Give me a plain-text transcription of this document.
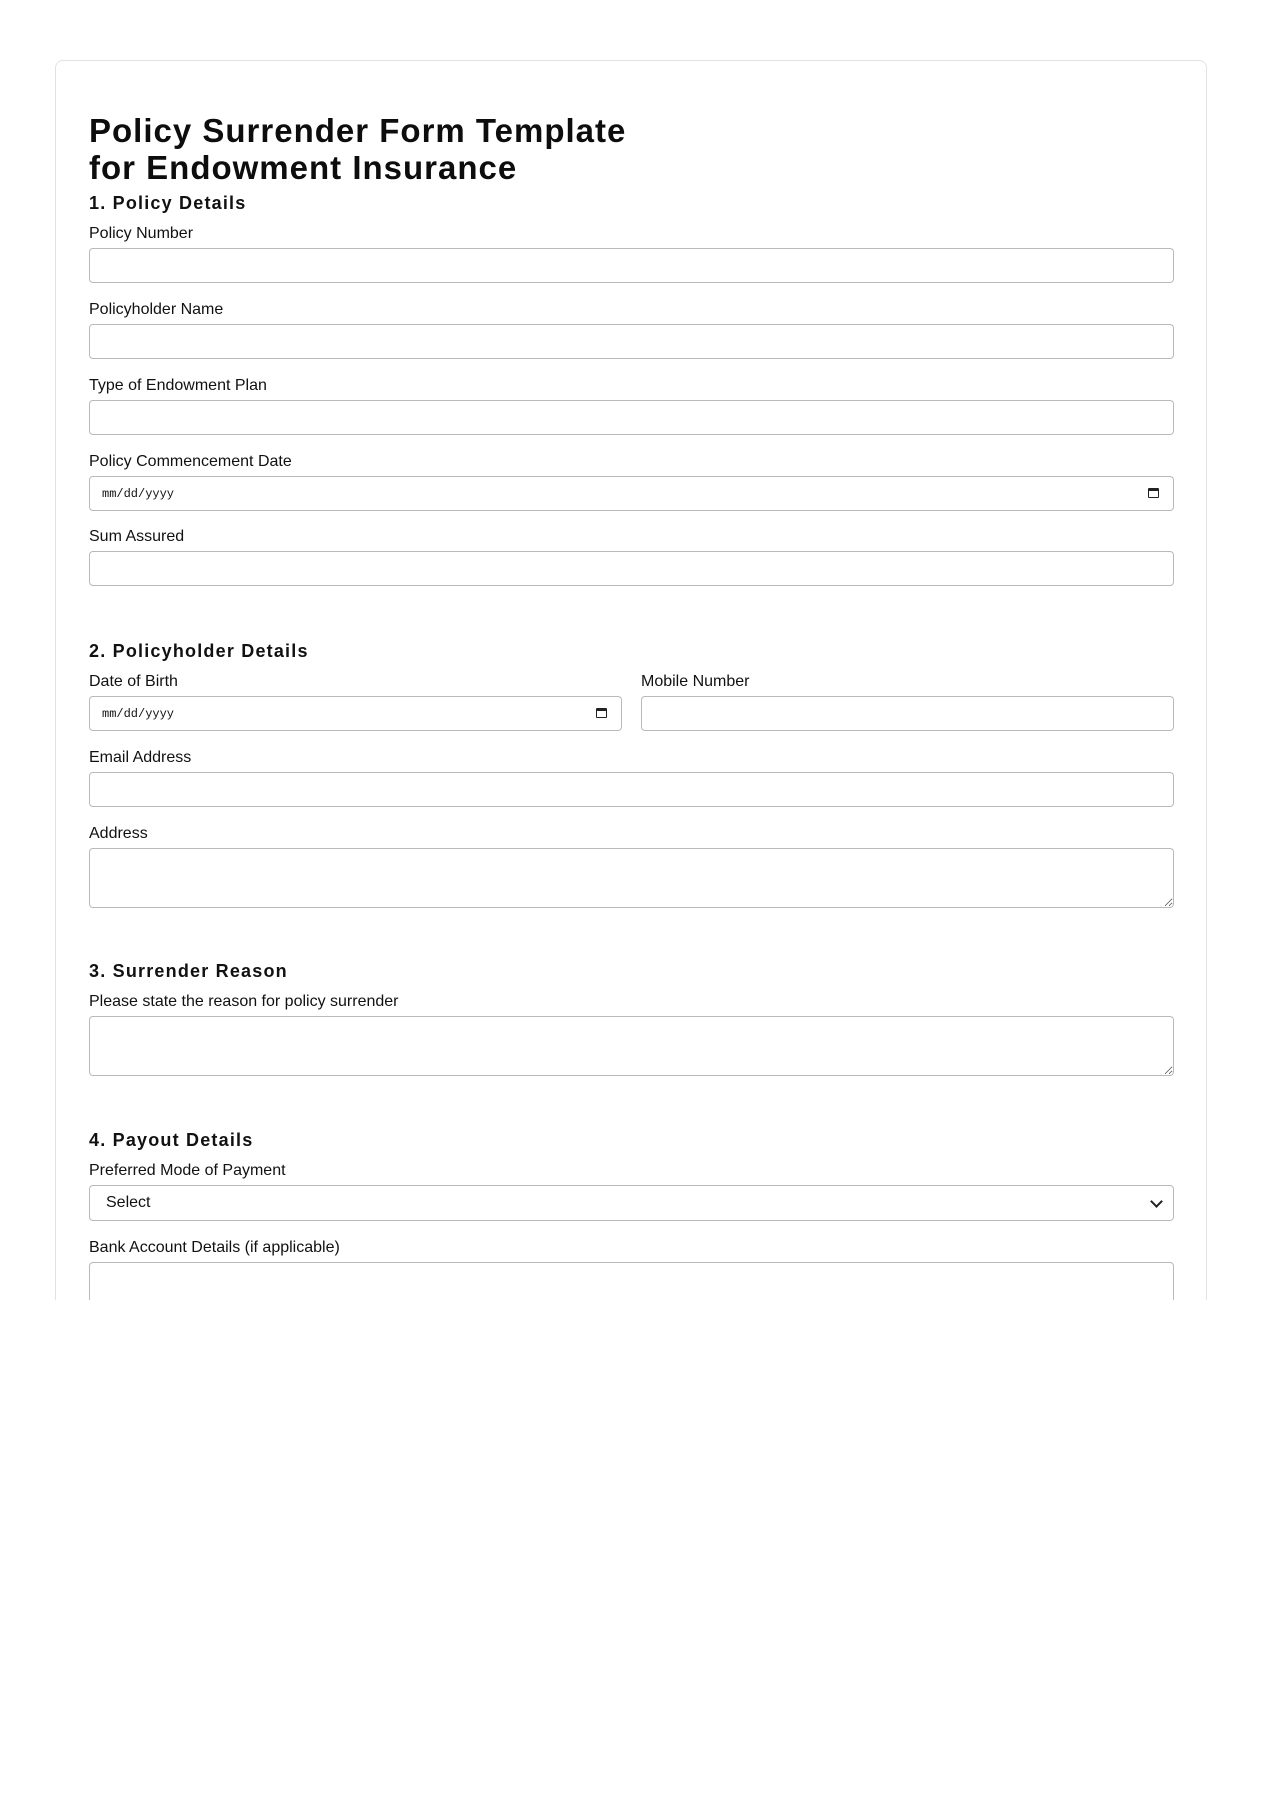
Policy Surrender Form Template for Endowment Insurance
1. Policy Details
Policy Number
Policyholder Name
Type of Endowment Plan
Policy Commencement Date
mm/dd/yyyy
Sum Assured
2. Policyholder Details
Date of Birth
mm/dd/yyyy
Mobile Number
Email Address
Address
3. Surrender Reason
Please state the reason for policy surrender
4. Payout Details
Preferred Mode of Payment
Select
Bank Account Details (if applicable)
